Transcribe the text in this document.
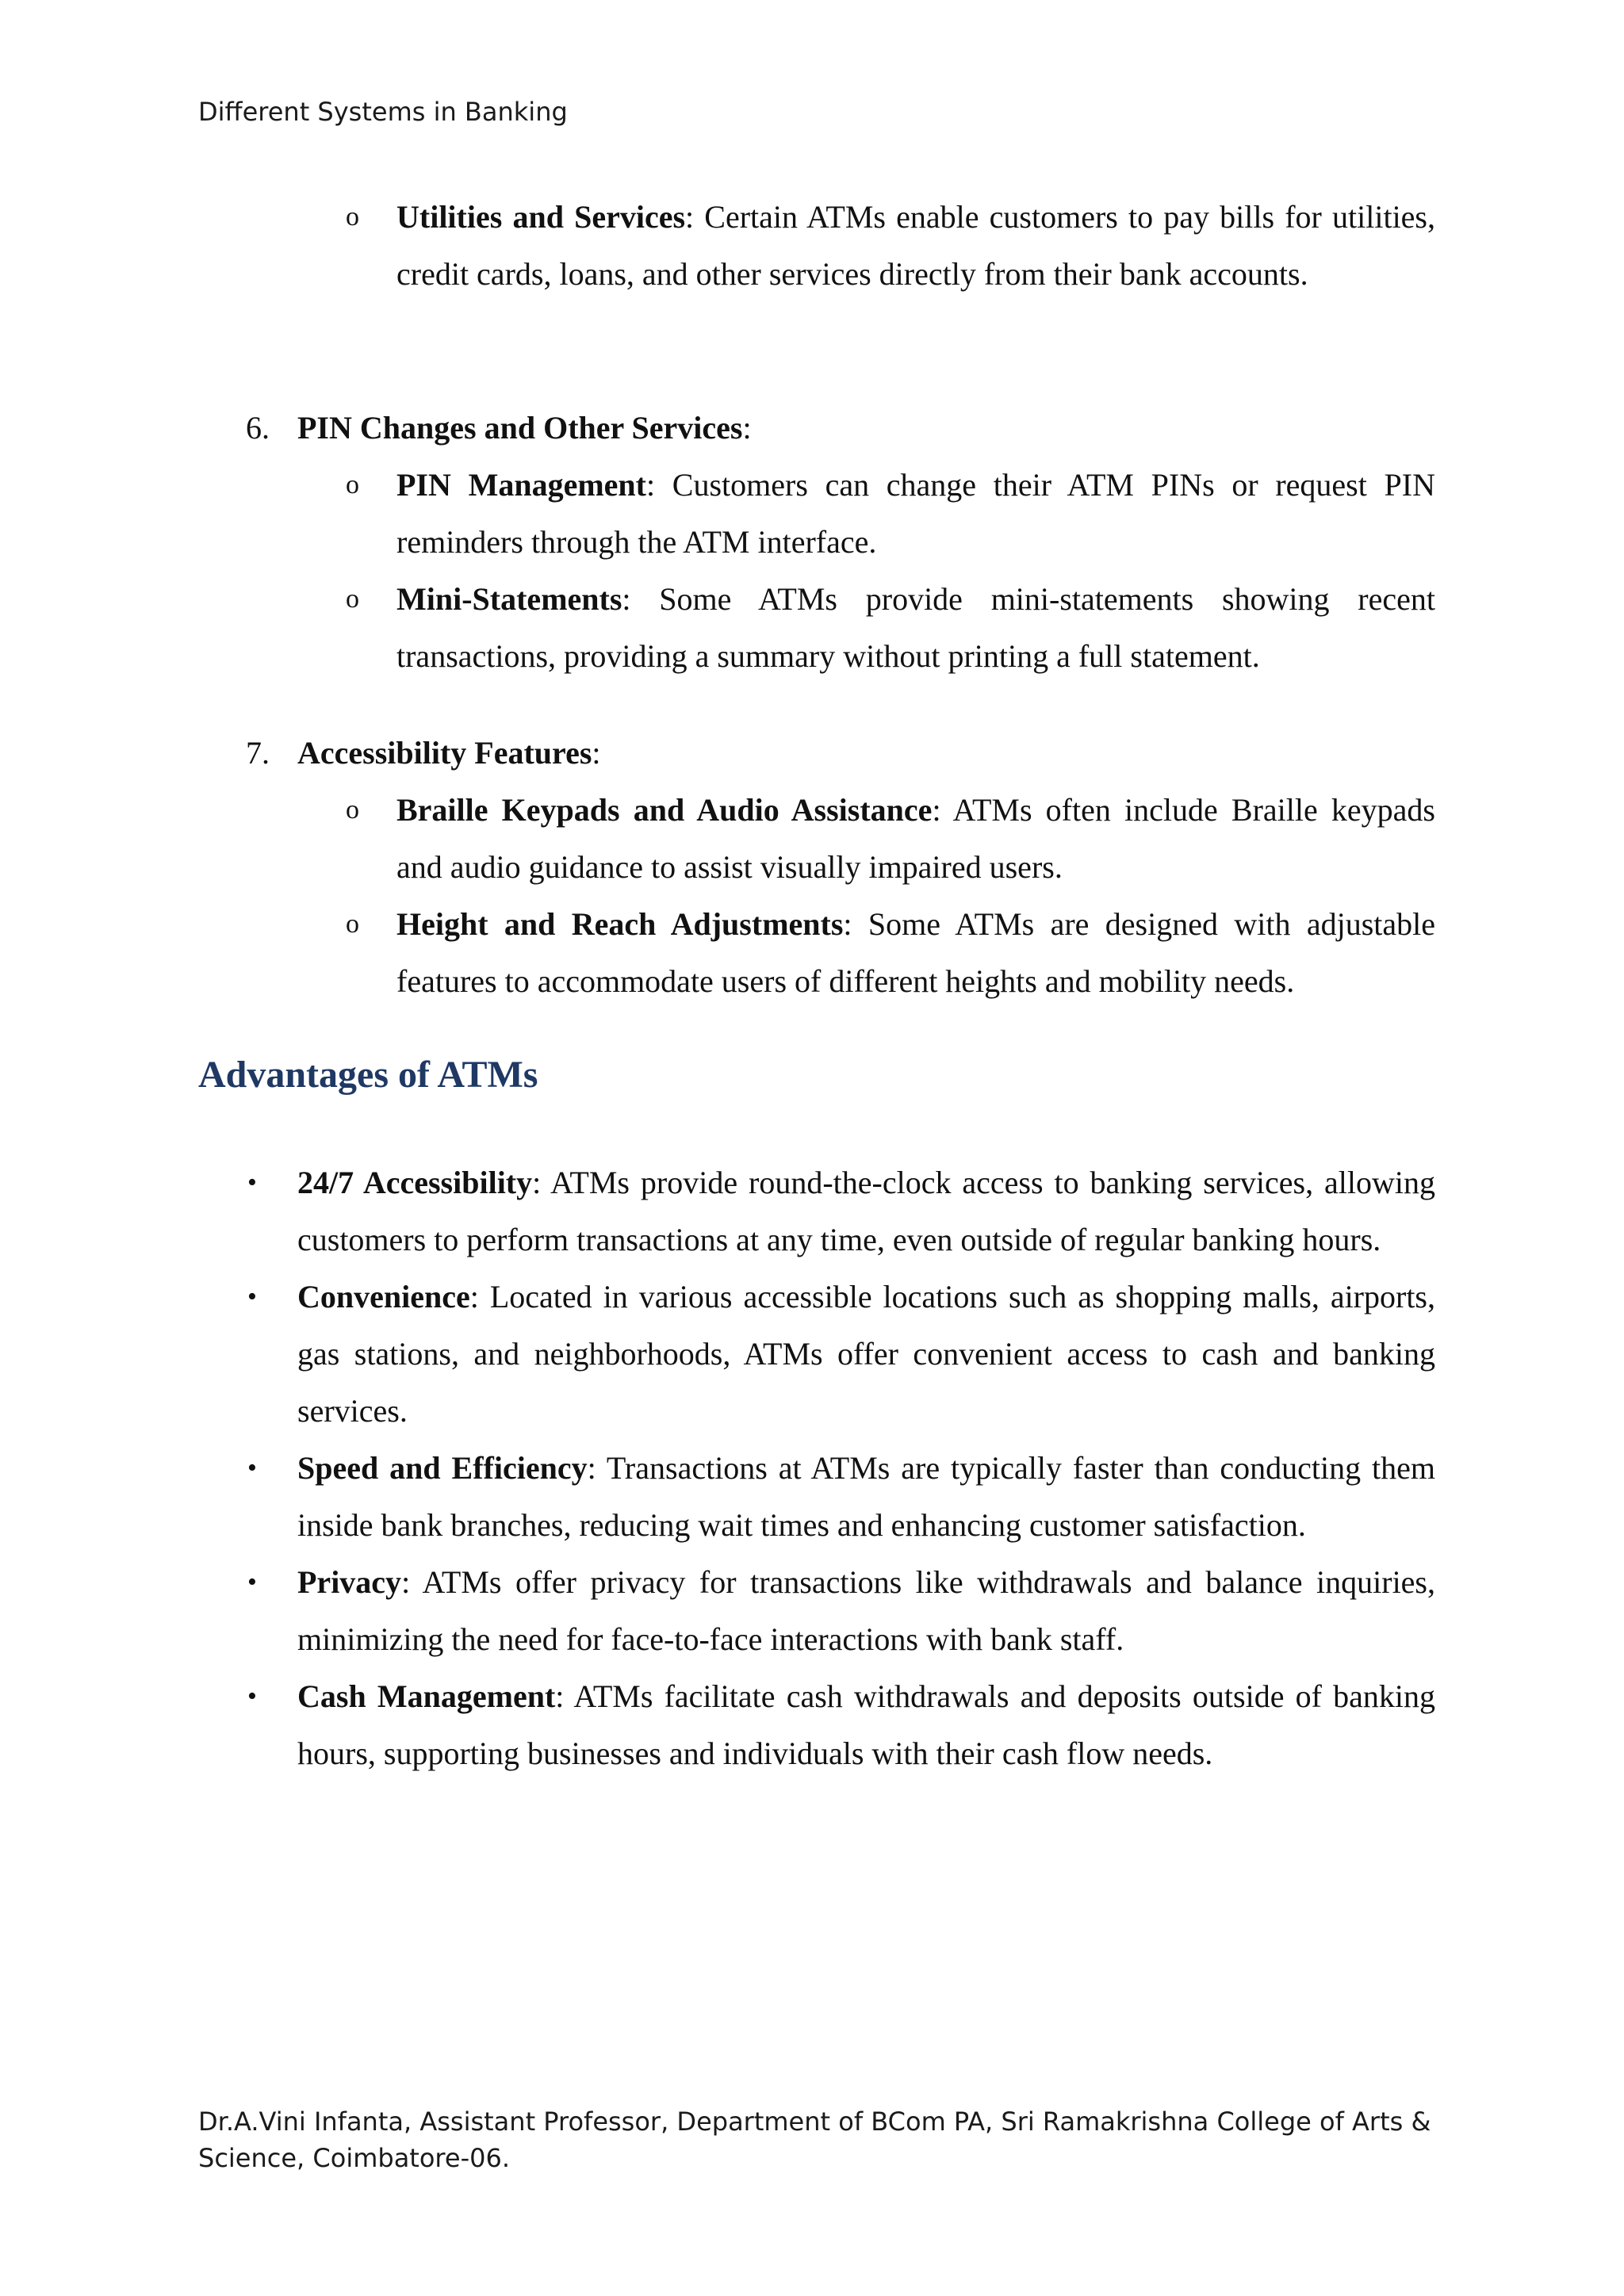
Different Systems in Banking
o Utilities and Services: Certain ATMs enable customers to pay bills for utilities, credit cards, loans, and other services directly from their bank accounts.
6. PIN Changes and Other Services:
o PIN Management: Customers can change their ATM PINs or request PIN reminders through the ATM interface.
o Mini-Statements: Some ATMs provide mini-statements showing recent transactions, providing a summary without printing a full statement.
7. Accessibility Features:
o Braille Keypads and Audio Assistance: ATMs often include Braille keypads and audio guidance to assist visually impaired users.
o Height and Reach Adjustments: Some ATMs are designed with adjustable features to accommodate users of different heights and mobility needs.
Advantages of ATMs
• 24/7 Accessibility: ATMs provide round-the-clock access to banking services, allowing customers to perform transactions at any time, even outside of regular banking hours.
• Convenience: Located in various accessible locations such as shopping malls, airports, gas stations, and neighborhoods, ATMs offer convenient access to cash and banking services.
• Speed and Efficiency: Transactions at ATMs are typically faster than conducting them inside bank branches, reducing wait times and enhancing customer satisfaction.
• Privacy: ATMs offer privacy for transactions like withdrawals and balance inquiries, minimizing the need for face-to-face interactions with bank staff.
• Cash Management: ATMs facilitate cash withdrawals and deposits outside of banking hours, supporting businesses and individuals with their cash flow needs.
Dr.A.Vini Infanta, Assistant Professor, Department of BCom PA, Sri Ramakrishna College of Arts & Science, Coimbatore-06.
